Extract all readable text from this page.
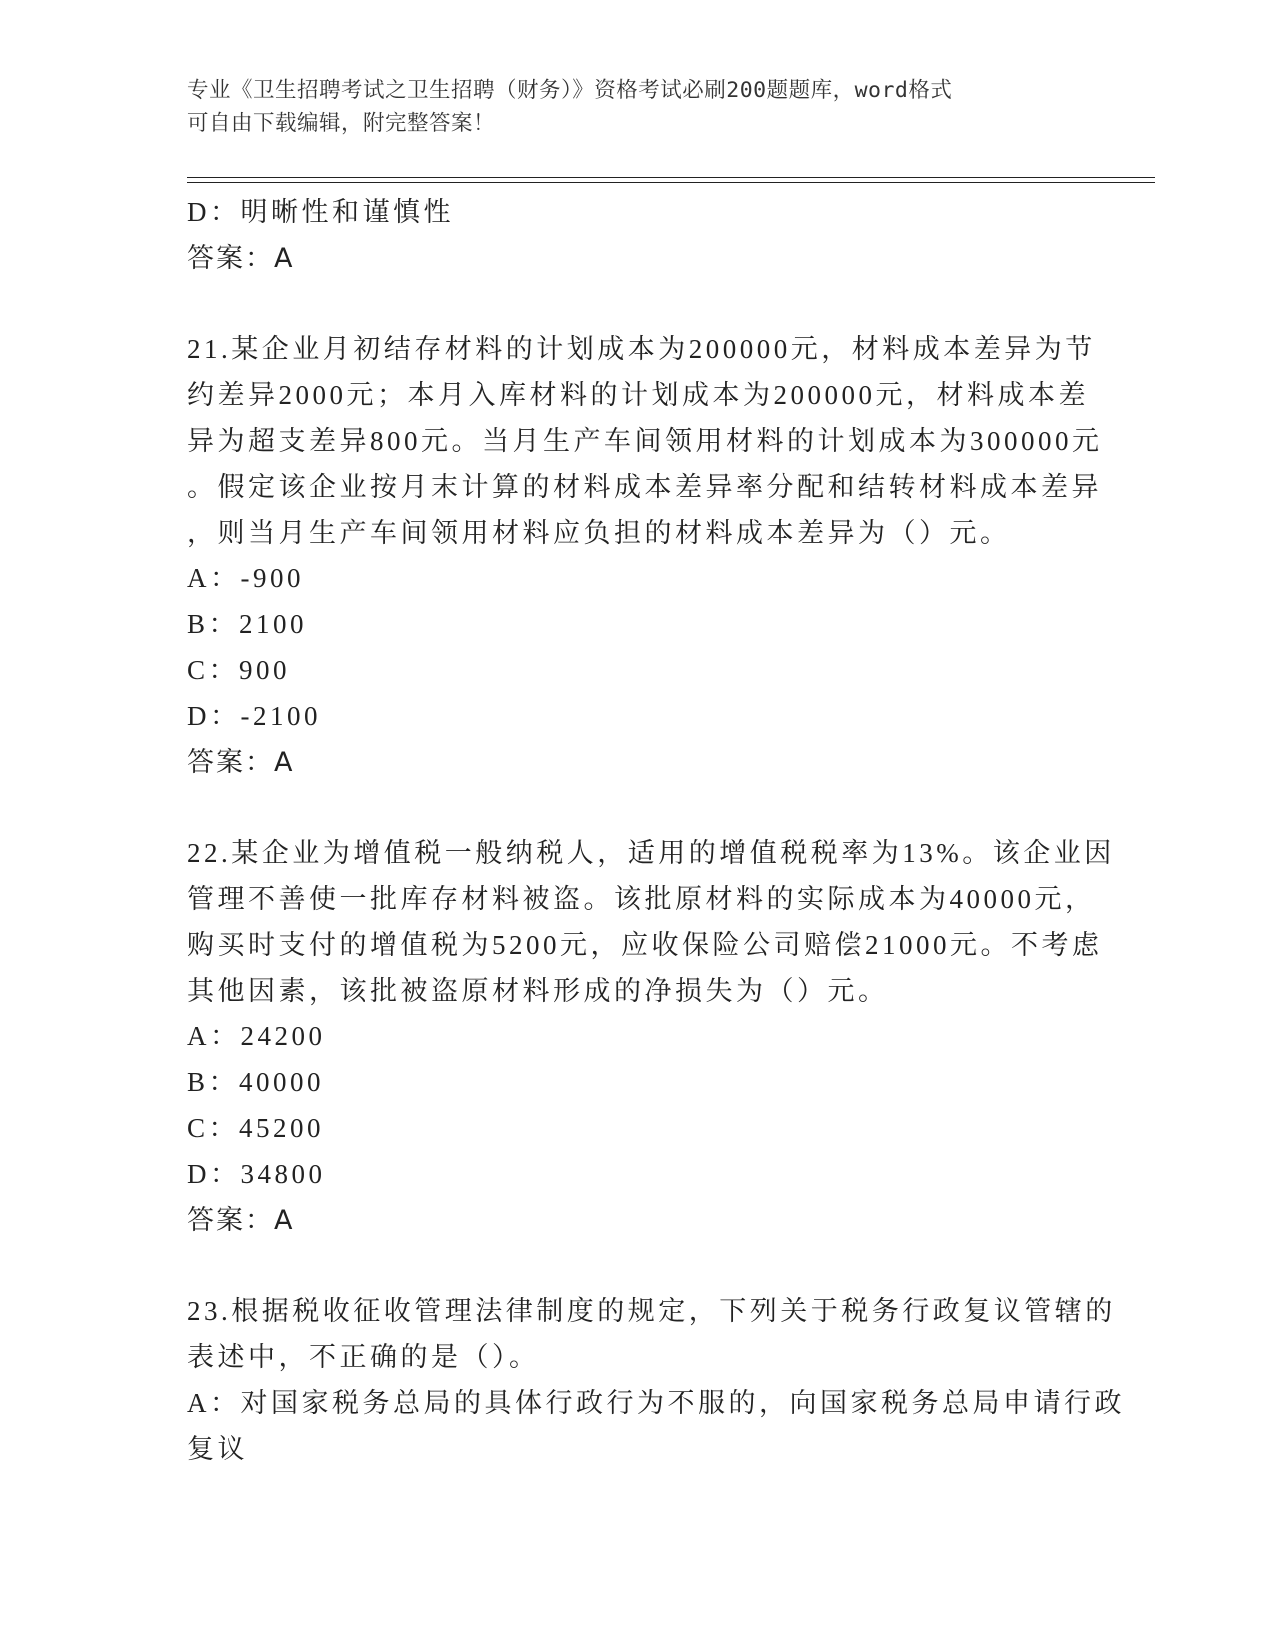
专业《卫生招聘考试之卫生招聘（财务）》资格考试必刷200题题库，word格式
可自由下载编辑，附完整答案！
D：明晰性和谨慎性
答案：A
21.某企业月初结存材料的计划成本为200000元，材料成本差异为节
约差异2000元；本月入库材料的计划成本为200000元，材料成本差
异为超支差异800元。当月生产车间领用材料的计划成本为300000元
。假定该企业按月末计算的材料成本差异率分配和结转材料成本差异
，则当月生产车间领用材料应负担的材料成本差异为（）元。
A：-900
B：2100
C：900
D：-2100
答案：A
22.某企业为增值税一般纳税人，适用的增值税税率为13%。该企业因
管理不善使一批库存材料被盗。该批原材料的实际成本为40000元，
购买时支付的增值税为5200元，应收保险公司赔偿21000元。不考虑
其他因素，该批被盗原材料形成的净损失为（）元。
A：24200
B：40000
C：45200
D：34800
答案：A
23.根据税收征收管理法律制度的规定，下列关于税务行政复议管辖的
表述中，不正确的是（）。
A：对国家税务总局的具体行政行为不服的，向国家税务总局申请行政
复议
